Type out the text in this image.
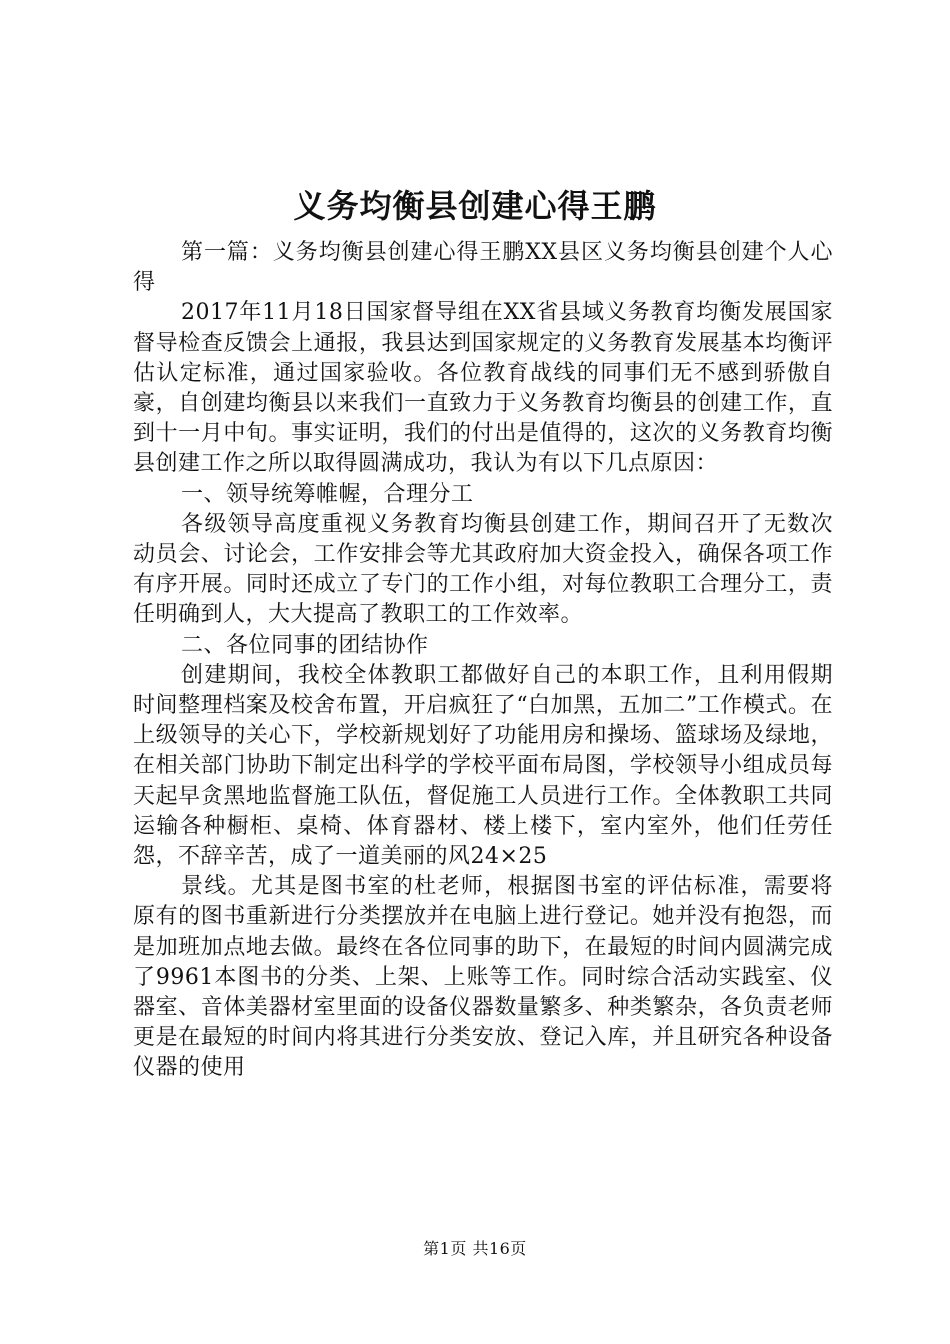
义务均衡县创建心得王鹏

第一篇：义务均衡县创建心得王鹏XX县区义务均衡县创建个人心得

2017年11月18日国家督导组在XX省县域义务教育均衡发展国家督导检查反馈会上通报，我县达到国家规定的义务教育发展基本均衡评估认定标准，通过国家验收。各位教育战线的同事们无不感到骄傲自豪，自创建均衡县以来我们一直致力于义务教育均衡县的创建工作，直到十一月中旬。事实证明，我们的付出是值得的，这次的义务教育均衡县创建工作之所以取得圆满成功，我认为有以下几点原因：

一、领导统筹帷幄，合理分工

各级领导高度重视义务教育均衡县创建工作，期间召开了无数次动员会、讨论会，工作安排会等尤其政府加大资金投入，确保各项工作有序开展。同时还成立了专门的工作小组，对每位教职工合理分工，责任明确到人，大大提高了教职工的工作效率。

二、各位同事的团结协作

创建期间，我校全体教职工都做好自己的本职工作，且利用假期时间整理档案及校舍布置，开启疯狂了“白加黑，五加二”工作模式。在上级领导的关心下，学校新规划好了功能用房和操场、篮球场及绿地，在相关部门协助下制定出科学的学校平面布局图，学校领导小组成员每天起早贪黑地监督施工队伍，督促施工人员进行工作。全体教职工共同运输各种橱柜、桌椅、体育器材、楼上楼下，室内室外，他们任劳任怨，不辞辛苦，成了一道美丽的风24×25

景线。尤其是图书室的杜老师，根据图书室的评估标准，需要将原有的图书重新进行分类摆放并在电脑上进行登记。她并没有抱怨，而是加班加点地去做。最终在各位同事的助下，在最短的时间内圆满完成了9961本图书的分类、上架、上账等工作。同时综合活动实践室、仪器室、音体美器材室里面的设备仪器数量繁多、种类繁杂，各负责老师更是在最短的时间内将其进行分类安放、登记入库，并且研究各种设备仪器的使用

第1页 共16页
